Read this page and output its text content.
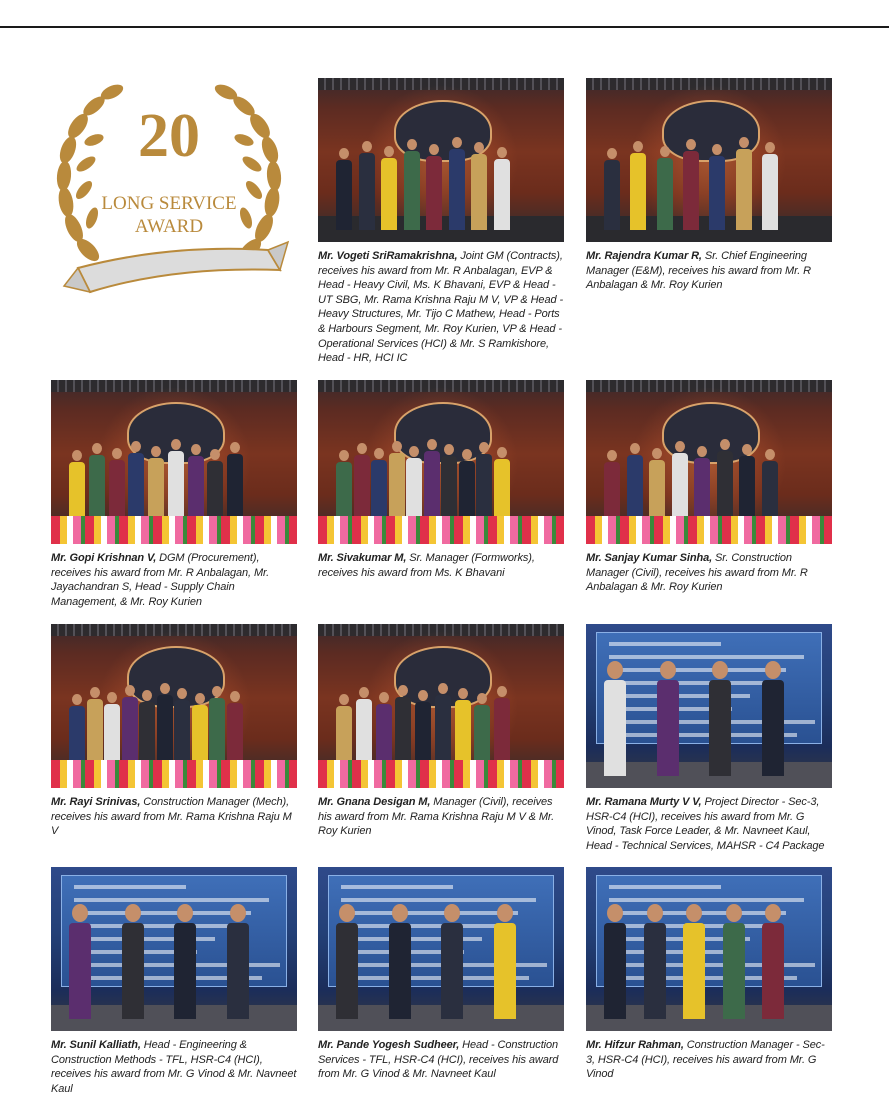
20
LONG SERVICE
AWARD
Mr. Vogeti SriRamakrishna, Joint GM (Contracts), receives his award from Mr. R Anbalagan, EVP & Head - Heavy Civil, Ms. K Bhavani, EVP & Head - UT SBG, Mr. Rama Krishna Raju M V, VP & Head - Heavy Structures, Mr. Tijo C Mathew, Head - Ports & Harbours Segment, Mr. Roy Kurien, VP & Head - Operational Services (HCI) & Mr. S Ramkishore, Head - HR, HCI IC
Mr. Rajendra Kumar R, Sr. Chief Engineering Manager (E&M), receives his award from Mr. R Anbalagan & Mr. Roy Kurien
Mr. Gopi Krishnan V, DGM (Procurement), receives his award from Mr. R Anbalagan, Mr. Jayachandran S, Head - Supply Chain Management, & Mr. Roy Kurien
Mr. Sivakumar M, Sr. Manager (Formworks), receives his award from Ms. K Bhavani
Mr. Sanjay Kumar Sinha, Sr. Construction Manager (Civil), receives his award from Mr. R Anbalagan & Mr. Roy Kurien
Mr. Rayi Srinivas, Construction Manager (Mech), receives his award from Mr. Rama Krishna Raju M V
Mr. Gnana Desigan M, Manager (Civil), receives his award from Mr. Rama Krishna Raju M V & Mr. Roy Kurien
Mr. Ramana Murty V V, Project Director - Sec-3, HSR-C4 (HCI), receives his award from Mr. G Vinod, Task Force Leader, & Mr. Navneet Kaul, Head - Technical Services, MAHSR - C4 Package
Mr. Sunil Kalliath, Head - Engineering & Construction Methods - TFL, HSR-C4 (HCI), receives his award from Mr. G Vinod & Mr. Navneet Kaul
Mr. Pande Yogesh Sudheer, Head - Construction Services - TFL, HSR-C4 (HCI), receives his award from Mr. G Vinod & Mr. Navneet Kaul
Mr. Hifzur Rahman, Construction Manager - Sec-3, HSR-C4 (HCI), receives his award from Mr. G Vinod
